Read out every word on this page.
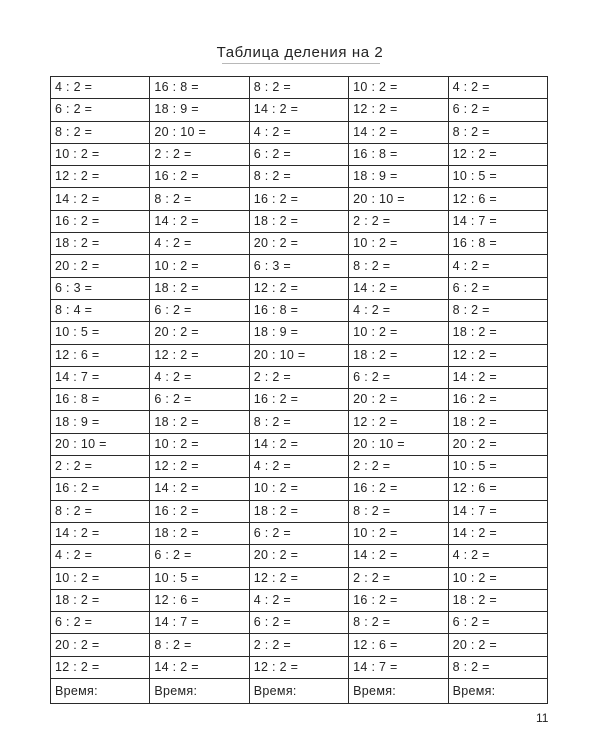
Таблица деления на 2
4 : 2 =	16 : 8 =	8 : 2 =	10 : 2 =	4 : 2 =
6 : 2 =	18 : 9 =	14 : 2 =	12 : 2 =	6 : 2 =
8 : 2 =	20 : 10 =	4 : 2 =	14 : 2 =	8 : 2 =
10 : 2 =	2 : 2 =	6 : 2 =	16 : 8 =	12 : 2 =
12 : 2 =	16 : 2 =	8 : 2 =	18 : 9 =	10 : 5 =
14 : 2 =	8 : 2 =	16 : 2 =	20 : 10 =	12 : 6 =
16 : 2 =	14 : 2 =	18 : 2 =	2 : 2 =	14 : 7 =
18 : 2 =	4 : 2 =	20 : 2 =	10 : 2 =	16 : 8 =
20 : 2 =	10 : 2 =	6 : 3 =	8 : 2 =	4 : 2 =
6 : 3 =	18 : 2 =	12 : 2 =	14 : 2 =	6 : 2 =
8 : 4 =	6 : 2 =	16 : 8 =	4 : 2 =	8 : 2 =
10 : 5 =	20 : 2 =	18 : 9 =	10 : 2 =	18 : 2 =
12 : 6 =	12 : 2 =	20 : 10 =	18 : 2 =	12 : 2 =
14 : 7 =	4 : 2 =	2 : 2 =	6 : 2 =	14 : 2 =
16 : 8 =	6 : 2 =	16 : 2 =	20 : 2 =	16 : 2 =
18 : 9 =	18 : 2 =	8 : 2 =	12 : 2 =	18 : 2 =
20 : 10 =	10 : 2 =	14 : 2 =	20 : 10 =	20 : 2 =
2 : 2 =	12 : 2 =	4 : 2 =	2 : 2 =	10 : 5 =
16 : 2 =	14 : 2 =	10 : 2 =	16 : 2 =	12 : 6 =
8 : 2 =	16 : 2 =	18 : 2 =	8 : 2 =	14 : 7 =
14 : 2 =	18 : 2 =	6 : 2 =	10 : 2 =	14 : 2 =
4 : 2 =	6 : 2 =	20 : 2 =	14 : 2 =	4 : 2 =
10 : 2 =	10 : 5 =	12 : 2 =	2 : 2 =	10 : 2 =
18 : 2 =	12 : 6 =	4 : 2 =	16 : 2 =	18 : 2 =
6 : 2 =	14 : 7 =	6 : 2 =	8 : 2 =	6 : 2 =
20 : 2 =	8 : 2 =	2 : 2 =	12 : 6 =	20 : 2 =
12 : 2 =	14 : 2 =	12 : 2 =	14 : 7 =	8 : 2 =
Время:	Время:	Время:	Время:	Время:
11
